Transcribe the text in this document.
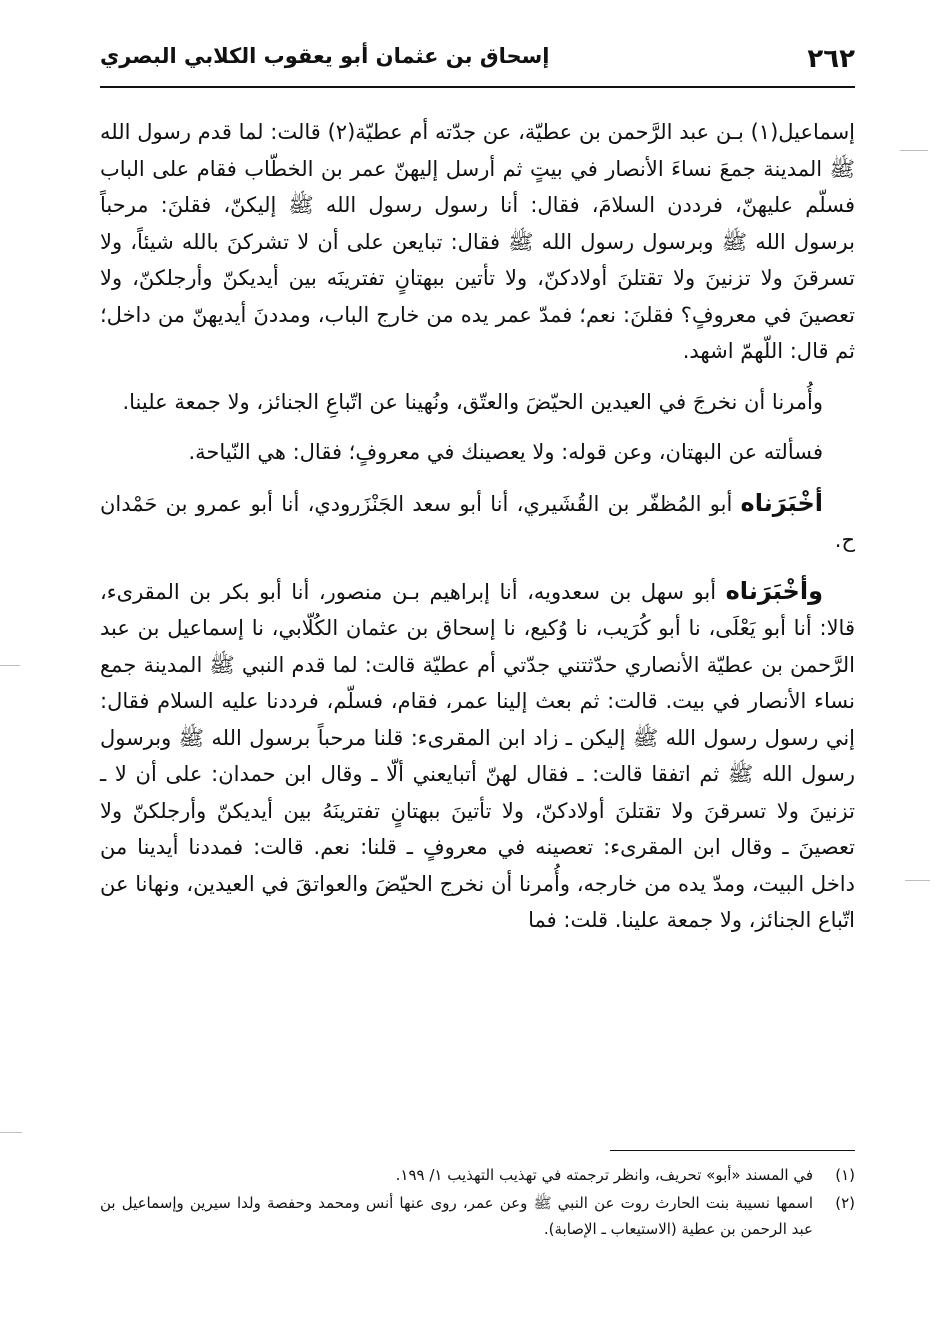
٢٦٢
إسحاق بن عثمان أبو يعقوب الكلابي البصري

إسماعيل(١) بـن عبد الرَّحمن بن عطيّة، عن جدّته أم عطيّة(٢) قالت: لما قدم رسول الله ﷺ المدينة جمعَ نساءَ الأنصار في بيتٍ ثم أرسل إليهنّ عمر بن الخطّاب فقام على الباب فسلّم عليهنّ، فرددن السلامَ، فقال: أنا رسول رسول الله ﷺ إليكنّ، فقلنَ: مرحباً برسول الله ﷺ وبرسول رسول الله ﷺ فقال: تبايعن على أن لا تشركنَ بالله شيئاً، ولا تسرقنَ ولا تزنينَ ولا تقتلنَ أولادكنّ، ولا تأتين ببهتانٍ تفترينَه بين أيديكنّ وأرجلكنّ، ولا تعصينَ في معروفٍ؟ فقلنَ: نعم؛ فمدّ عمر يده من خارج الباب، ومددنَ أيديهنّ من داخل؛ ثم قال: اللّهمّ اشهد.

وأُمرنا أن نخرجَ في العيدين الحيّضَ والعتّق، ونُهينا عن اتّباعِ الجنائز، ولا جمعة علينا.

فسألته عن البهتان، وعن قوله: ولا يعصينك في معروفٍ؛ فقال: هي النّياحة.

أخْبَرَناه أبو المُظفّر بن القُشَيري، أنا أبو سعد الجَنْزَرودي، أنا أبو عمرو بن حَمْدان ح.

وأخْبَرَناه أبو سهل بن سعدويه، أنا إبراهيم بـن منصور، أنا أبو بكر بن المقرىء، قالا: أنا أبو يَعْلَى، نا أبو كُرَيب، نا وُكيع، نا إسحاق بن عثمان الكُلّابي، نا إسماعيل بن عبد الرَّحمن بن عطيّة الأنصاري حدّثتني جدّتي أم عطيّة قالت: لما قدم النبي ﷺ المدينة جمع نساء الأنصار في بيت. قالت: ثم بعث إلينا عمر، فقام، فسلّم، فرددنا عليه السلام فقال: إني رسول رسول الله ﷺ إليكن ـ زاد ابن المقرىء: قلنا مرحباً برسول الله ﷺ وبرسول رسول الله ﷺ ثم اتفقا قالت: ـ فقال لهنّ أتبايعني ألّا ـ وقال ابن حمدان: على أن لا ـ تزنينَ ولا تسرقنَ ولا تقتلنَ أولادكنّ، ولا تأتينَ ببهتانٍ تفترينَهُ بين أيديكنّ وأرجلكنّ ولا تعصينَ ـ وقال ابن المقرىء: تعصينه في معروفٍ ـ قلنا: نعم. قالت: فمددنا أيدينا من داخل البيت، ومدّ يده من خارجه، وأُمرنا أن نخرج الحيّضَ والعواتقَ في العيدين، ونهانا عن اتّباع الجنائز، ولا جمعة علينا. قلت: فما

(١)
في المسند «أبو» تحريف، وانظر ترجمته في تهذيب التهذيب ١/ ١٩٩.
(٢)
اسمها نسيبة بنت الحارث روت عن النبي ﷺ وعن عمر، روى عنها أنس ومحمد وحفصة ولدا سيرين وإسماعيل بن عبد الرحمن بن عطية (الاستيعاب ـ الإصابة).
